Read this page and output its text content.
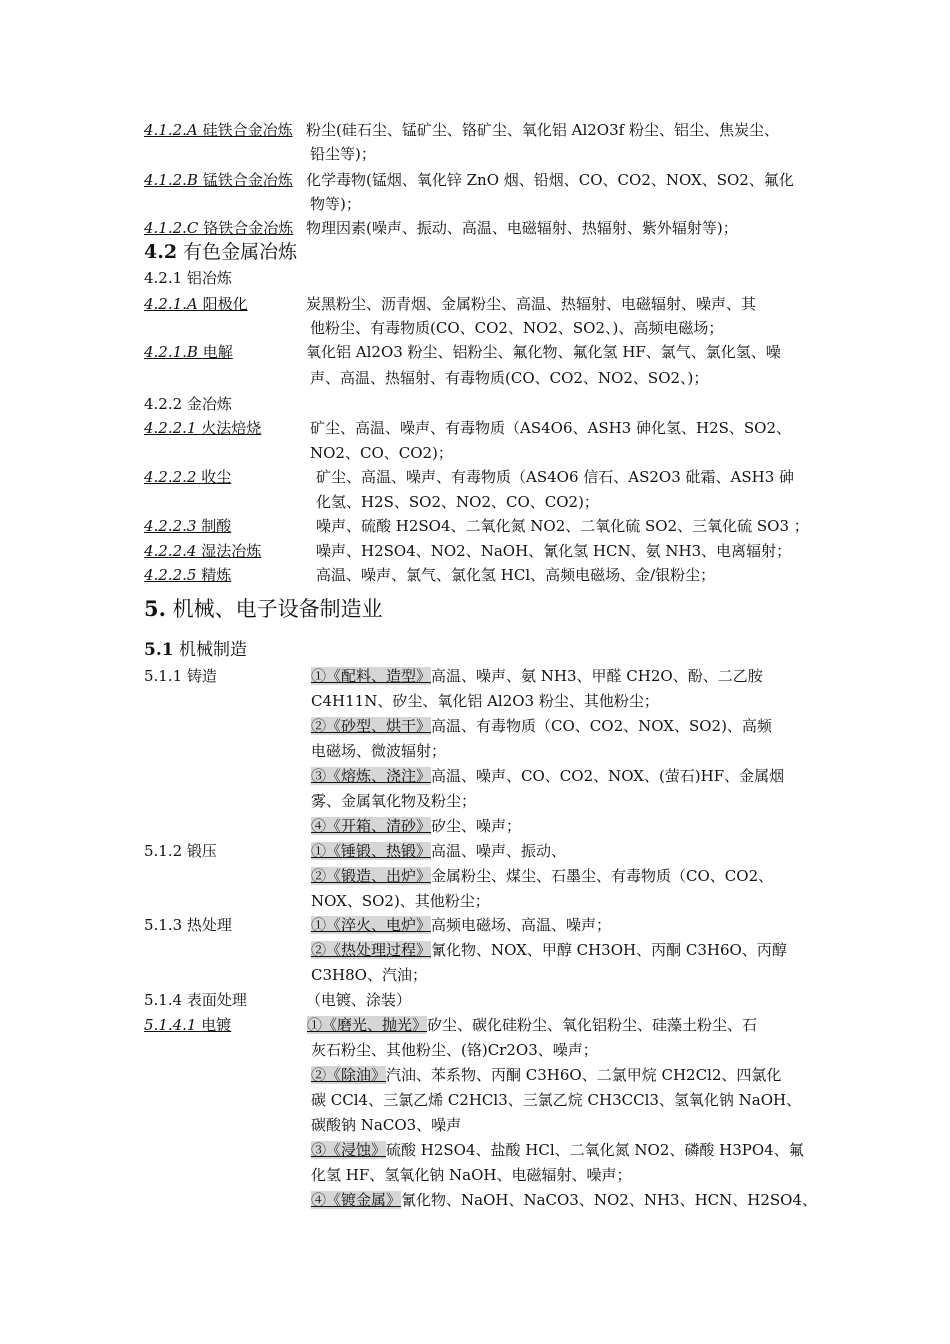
4.1.2.A 硅铁合金冶炼 粉尘(硅石尘、锰矿尘、铬矿尘、氧化铝 Al2O3f 粉尘、铝尘、焦炭尘、
铅尘等)；
4.1.2.B 锰铁合金冶炼 化学毒物(锰烟、氧化锌 ZnO 烟、铅烟、CO、CO2、NOX、SO2、氟化
物等)；
4.1.2.C 铬铁合金冶炼 物理因素(噪声、振动、高温、电磁辐射、热辐射、紫外辐射等)；
4.2 有色金属冶炼
4.2.1 铝冶炼
4.2.1.A 阳极化	炭黑粉尘、沥青烟、金属粉尘、高温、热辐射、电磁辐射、噪声、其
他粉尘、有毒物质(CO、CO2、NO2、SO2、)、高频电磁场；
4.2.1.B 电解	氧化铝 Al2O3 粉尘、铝粉尘、氟化物、氟化氢 HF、氯气、氯化氢、噪
声、高温、热辐射、有毒物质(CO、CO2、NO2、SO2、)；
4.2.2 金冶炼
4.2.2.1 火法焙烧	矿尘、高温、噪声、有毒物质（AS4O6、ASH3 砷化氢、H2S、SO2、
NO2、CO、CO2)；
4.2.2.2 收尘	矿尘、高温、噪声、有毒物质（AS4O6 信石、AS2O3 砒霜、ASH3 砷
化氢、H2S、SO2、NO2、CO、CO2)；
4.2.2.3 制酸	噪声、硫酸 H2SO4、二氧化氮 NO2、二氧化硫 SO2、三氧化硫 SO3 ；
4.2.2.4 湿法冶炼	噪声、H2SO4、NO2、NaOH、氰化氢 HCN、氨 NH3、电离辐射；
4.2.2.5 精炼	高温、噪声、氯气、氯化氢 HCl、高频电磁场、金/银粉尘；
5. 机械、电子设备制造业
5.1 机械制造
5.1.1 铸造	①《配料、造型》高温、噪声、氨 NH3、甲醛 CH2O、酚、二乙胺
C4H11N、矽尘、氧化铝 Al2O3 粉尘、其他粉尘；
②《砂型、烘干》高温、有毒物质（CO、CO2、NOX、SO2)、高频
电磁场、微波辐射；
③《熔炼、浇注》高温、噪声、CO、CO2、NOX、(萤石)HF、金属烟
雾、金属氧化物及粉尘；
④《开箱、清砂》矽尘、噪声；
5.1.2 锻压	①《锤锻、热锻》高温、噪声、振动、
②《锻造、出炉》金属粉尘、煤尘、石墨尘、有毒物质（CO、CO2、
NOX、SO2)、其他粉尘；
5.1.3 热处理	①《淬火、电炉》高频电磁场、高温、噪声；
②《热处理过程》氰化物、NOX、甲醇 CH3OH、丙酮 C3H6O、丙醇
C3H8O、汽油；
5.1.4 表面处理	（电镀、涂装）
5.1.4.1 电镀	①《磨光、抛光》矽尘、碳化硅粉尘、氧化铝粉尘、硅藻土粉尘、石
灰石粉尘、其他粉尘、(铬)Cr2O3、噪声；
②《除油》汽油、苯系物、丙酮 C3H6O、二氯甲烷 CH2Cl2、四氯化
碳 CCl4、三氯乙烯 C2HCl3、三氯乙烷 CH3CCl3、氢氧化钠 NaOH、
碳酸钠 NaCO3、噪声
③《浸蚀》硫酸 H2SO4、盐酸 HCl、二氧化氮 NO2、磷酸 H3PO4、氟
化氢 HF、氢氧化钠 NaOH、电磁辐射、噪声；
④《镀金属》氰化物、NaOH、NaCO3、NO2、NH3、HCN、H2SO4、
